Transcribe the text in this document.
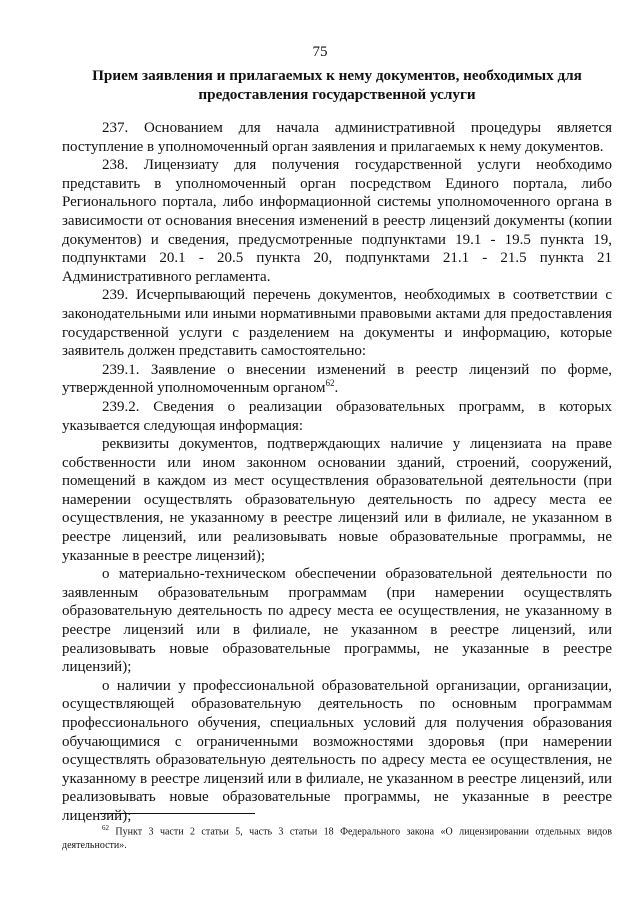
75
Прием заявления и прилагаемых к нему документов, необходимых для предоставления государственной услуги

237. Основанием для начала административной процедуры является поступление в уполномоченный орган заявления и прилагаемых к нему документов.

238. Лицензиату для получения государственной услуги необходимо представить в уполномоченный орган посредством Единого портала, либо Регионального портала, либо информационной системы уполномоченного органа в зависимости от основания внесения изменений в реестр лицензий документы (копии документов) и сведения, предусмотренные подпунктами 19.1 - 19.5 пункта 19, подпунктами 20.1 - 20.5 пункта 20, подпунктами 21.1 - 21.5 пункта 21 Административного регламента.

239. Исчерпывающий перечень документов, необходимых в соответствии с законодательными или иными нормативными правовыми актами для предоставления государственной услуги с разделением на документы и информацию, которые заявитель должен представить самостоятельно:

239.1. Заявление о внесении изменений в реестр лицензий по форме, утвержденной уполномоченным органом$^{62}$.

239.2. Сведения о реализации образовательных программ, в которых указывается следующая информация:

реквизиты документов, подтверждающих наличие у лицензиата на праве собственности или ином законном основании зданий, строений, сооружений, помещений в каждом из мест осуществления образовательной деятельности (при намерении осуществлять образовательную деятельность по адресу места ее осуществления, не указанному в реестре лицензий или в филиале, не указанном в реестре лицензий, или реализовывать новые образовательные программы, не указанные в реестре лицензий);

о материально-техническом обеспечении образовательной деятельности по заявленным образовательным программам (при намерении осуществлять образовательную деятельность по адресу места ее осуществления, не указанному в реестре лицензий или в филиале, не указанном в реестре лицензий, или реализовывать новые образовательные программы, не указанные в реестре лицензий);

о наличии у профессиональной образовательной организации, организации, осуществляющей образовательную деятельность по основным программам профессионального обучения, специальных условий для получения образования обучающимися с ограниченными возможностями здоровья (при намерении осуществлять образовательную деятельность по адресу места ее осуществления, не указанному в реестре лицензий или в филиале, не указанном в реестре лицензий, или реализовывать новые образовательные программы, не указанные в реестре лицензий);

$^{62}$ Пункт 3 части 2 статьи 5, часть 3 статьи 18 Федерального закона «О лицензировании отдельных видов деятельности».
